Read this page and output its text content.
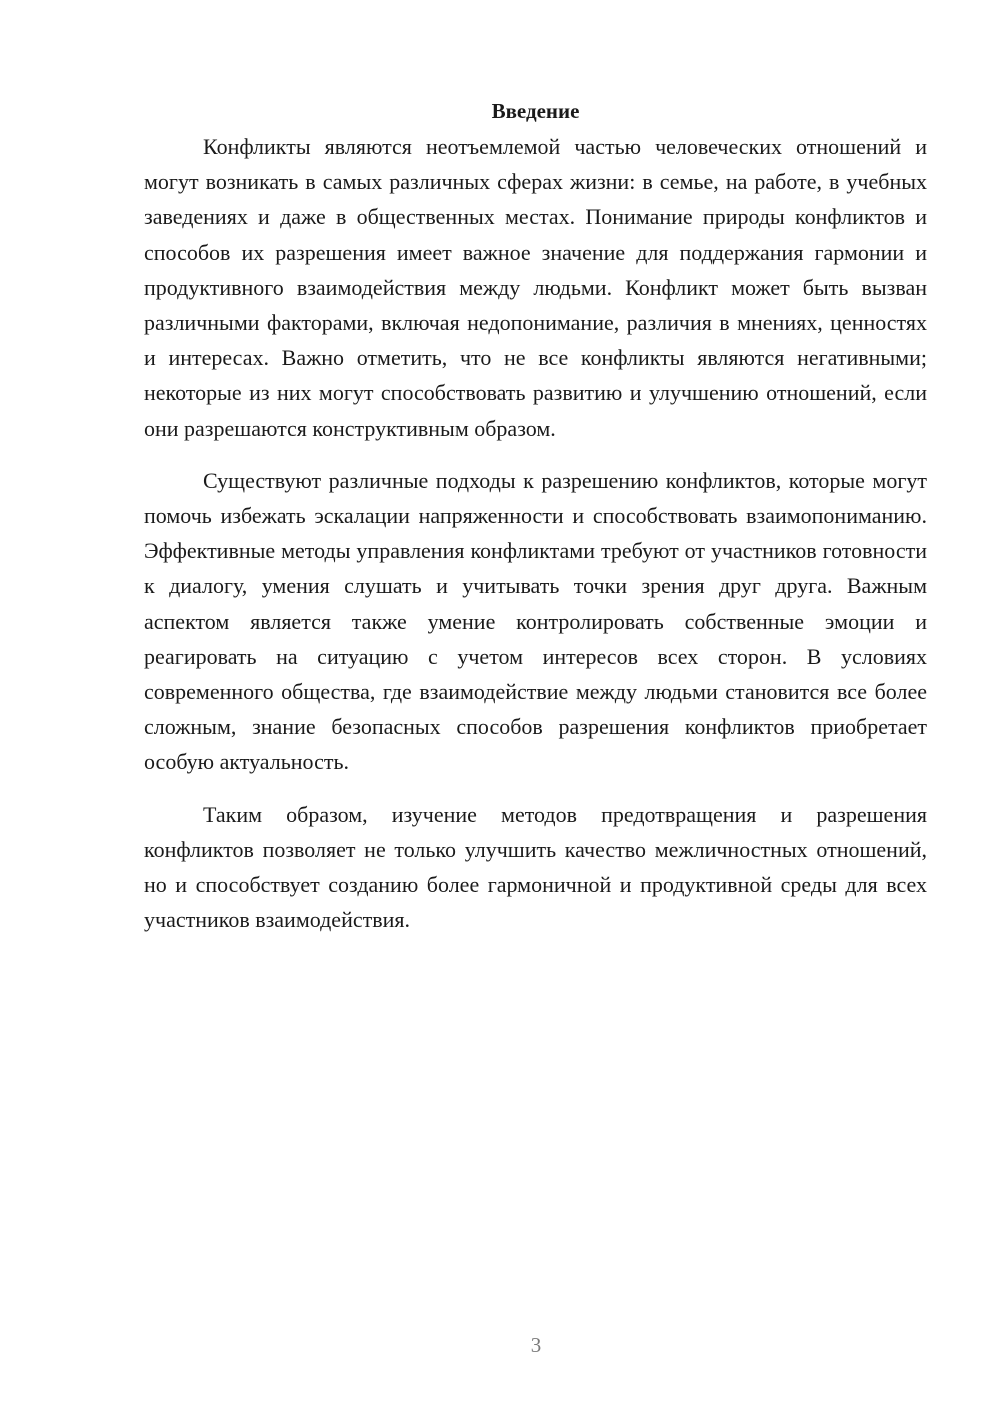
Введение

Конфликты являются неотъемлемой частью человеческих отношений и могут возникать в самых различных сферах жизни: в семье, на работе, в учебных заведениях и даже в общественных местах. Понимание природы конфликтов и способов их разрешения имеет важное значение для поддержания гармонии и продуктивного взаимодействия между людьми. Конфликт может быть вызван различными факторами, включая недопонимание, различия в мнениях, ценностях и интересах. Важно отметить, что не все конфликты являются негативными; некоторые из них могут способствовать развитию и улучшению отношений, если они разрешаются конструктивным образом.

Существуют различные подходы к разрешению конфликтов, которые могут помочь избежать эскалации напряженности и способствовать взаимопониманию. Эффективные методы управления конфликтами требуют от участников готовности к диалогу, умения слушать и учитывать точки зрения друг друга. Важным аспектом является также умение контролировать собственные эмоции и реагировать на ситуацию с учетом интересов всех сторон. В условиях современного общества, где взаимодействие между людьми становится все более сложным, знание безопасных способов разрешения конфликтов приобретает особую актуальность.

Таким образом, изучение методов предотвращения и разрешения конфликтов позволяет не только улучшить качество межличностных отношений, но и способствует созданию более гармоничной и продуктивной среды для всех участников взаимодействия.

3
